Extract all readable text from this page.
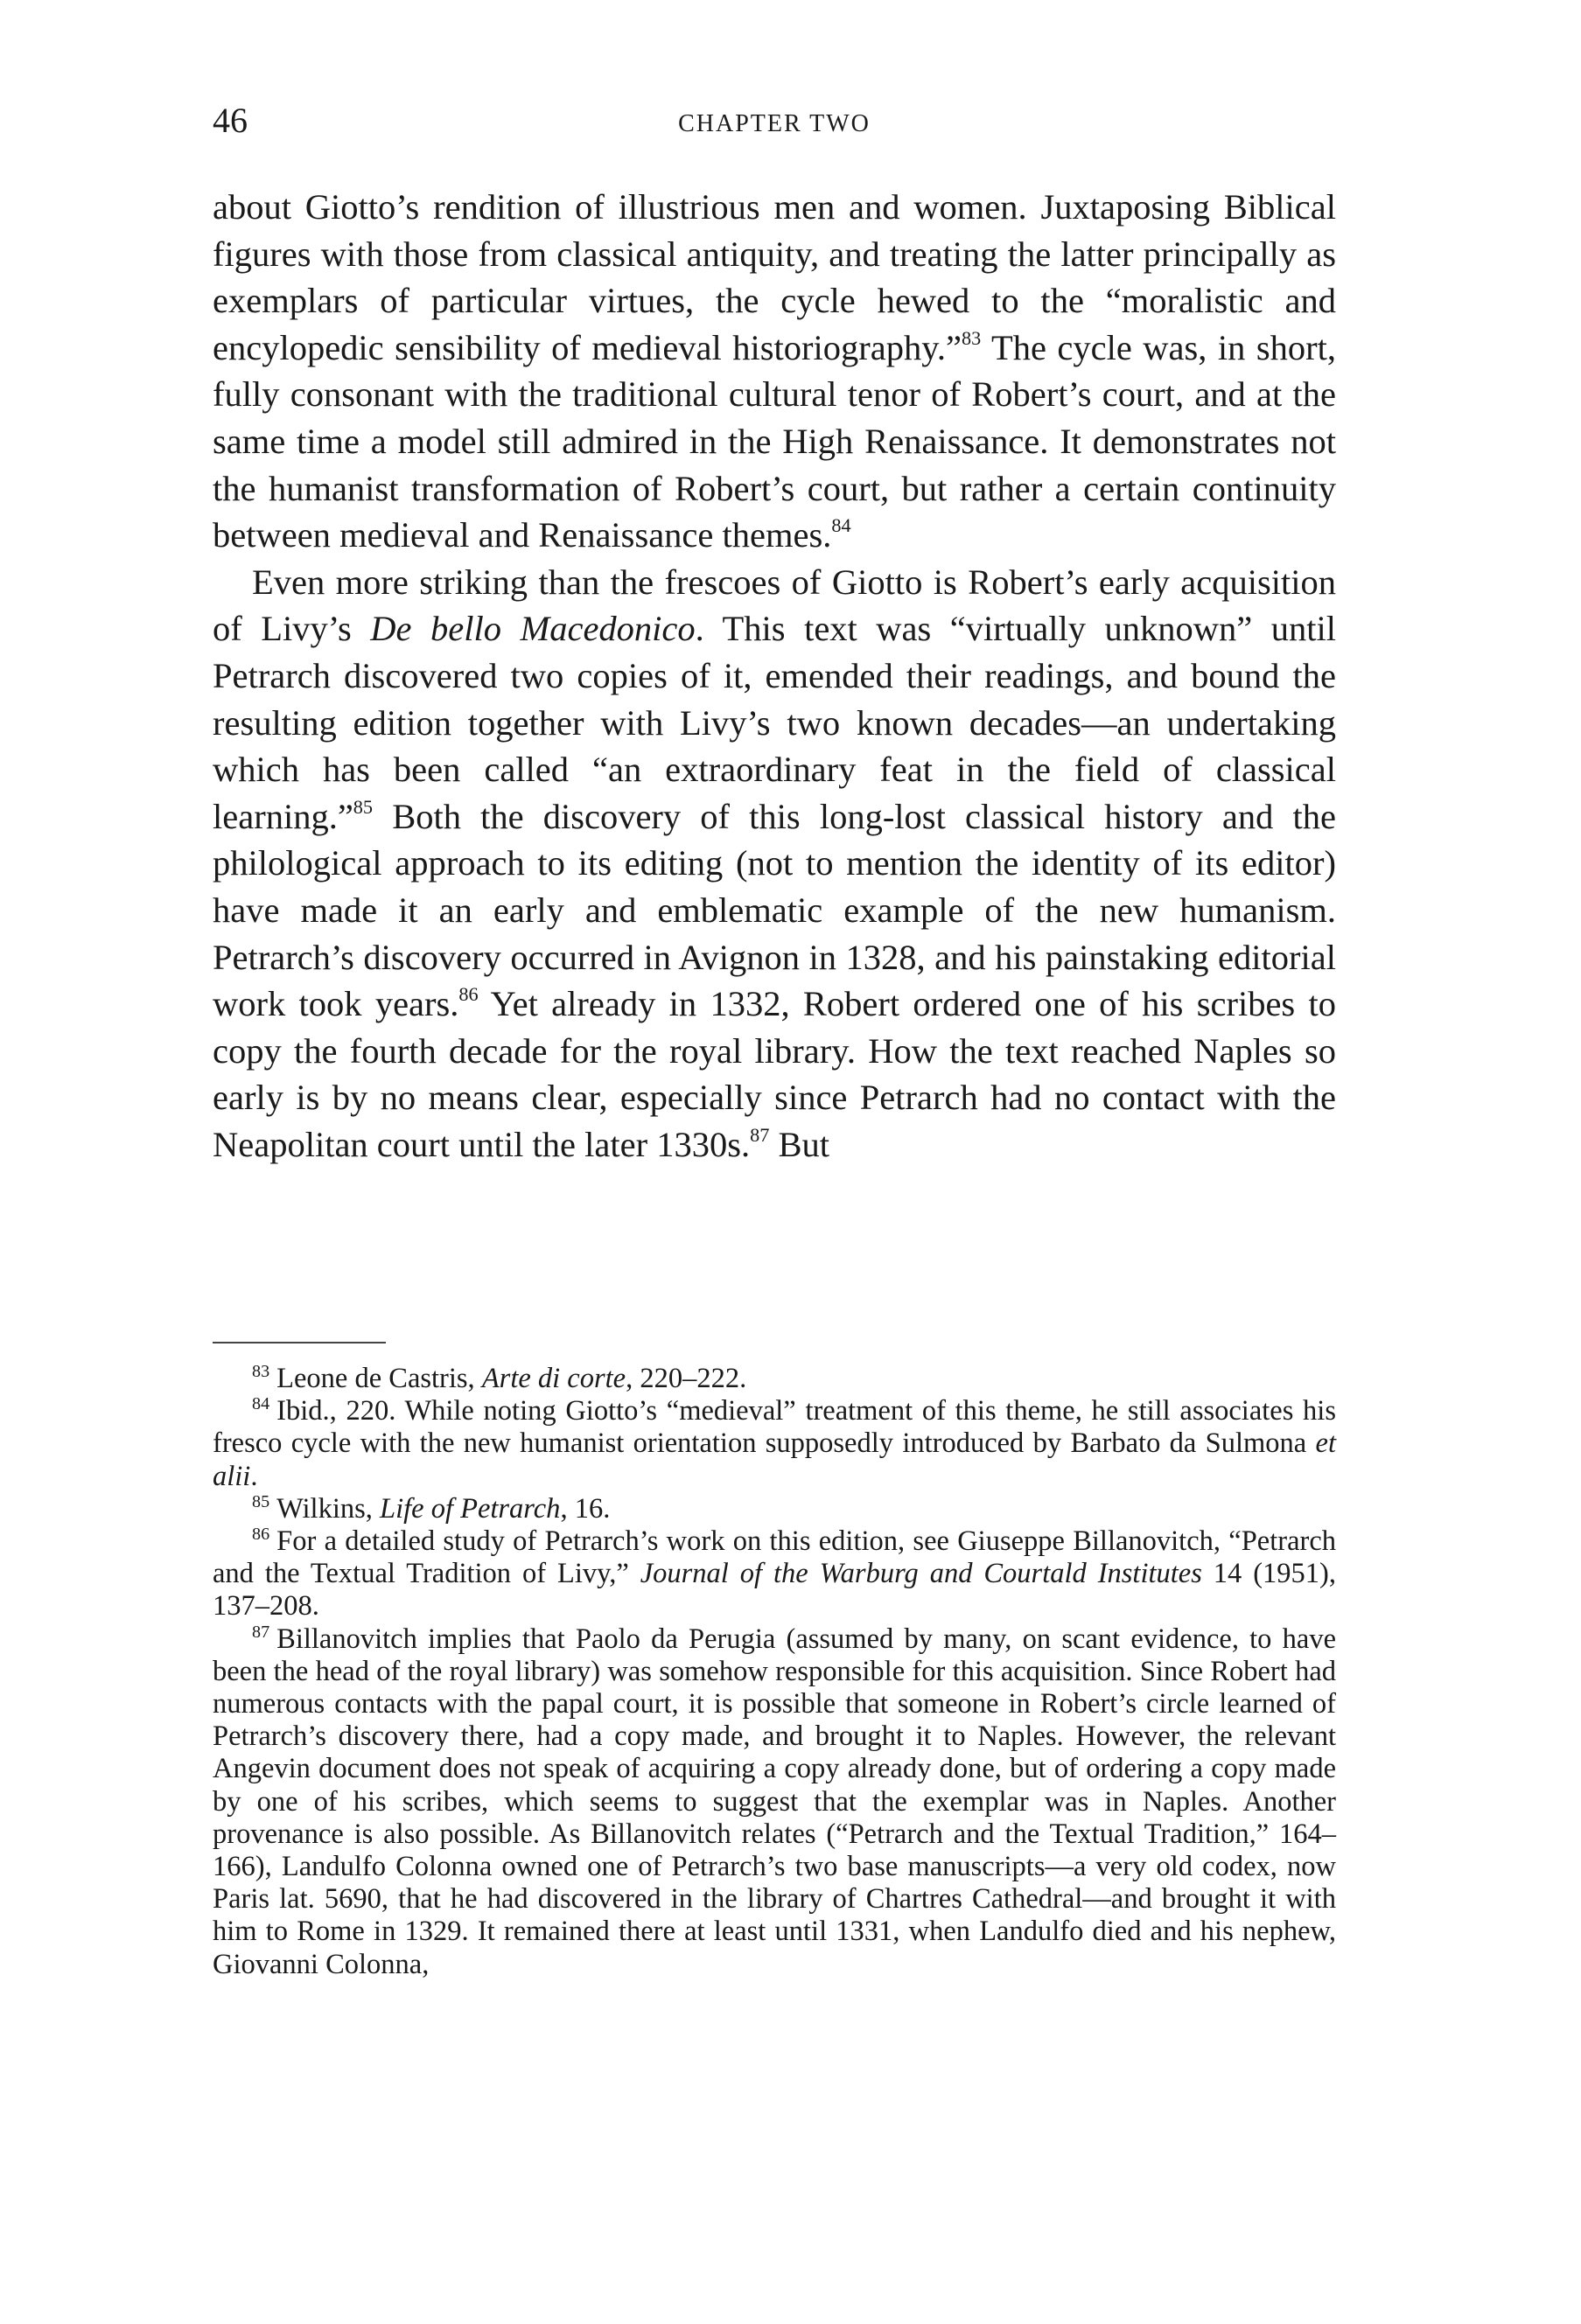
46	CHAPTER TWO

about Giotto’s rendition of illustrious men and women. Juxtaposing Biblical figures with those from classical antiquity, and treating the latter principally as exemplars of particular virtues, the cycle hewed to the “moralistic and encylopedic sensibility of medieval historiography.”$^{83}$ The cycle was, in short, fully consonant with the traditional cultural tenor of Robert’s court, and at the same time a model still admired in the High Renaissance. It demonstrates not the humanist transformation of Robert’s court, but rather a certain continuity between medieval and Renaissance themes.$^{84}$

Even more striking than the frescoes of Giotto is Robert’s early acquisition of Livy’s De bello Macedonico. This text was “virtually unknown” until Petrarch discovered two copies of it, emended their readings, and bound the resulting edition together with Livy’s two known decades—an undertaking which has been called “an extraordinary feat in the field of classical learning.”$^{85}$ Both the discovery of this long-lost classical history and the philological approach to its editing (not to mention the identity of its editor) have made it an early and emblematic example of the new humanism. Petrarch’s discovery occurred in Avignon in 1328, and his painstaking editorial work took years.$^{86}$ Yet already in 1332, Robert ordered one of his scribes to copy the fourth decade for the royal library. How the text reached Naples so early is by no means clear, especially since Petrarch had no contact with the Neapolitan court until the later 1330s.$^{87}$ But

$^{83}$ Leone de Castris, Arte di corte, 220–222.

$^{84}$ Ibid., 220. While noting Giotto’s “medieval” treatment of this theme, he still associates his fresco cycle with the new humanist orientation supposedly introduced by Barbato da Sulmona et alii.

$^{85}$ Wilkins, Life of Petrarch, 16.

$^{86}$ For a detailed study of Petrarch’s work on this edition, see Giuseppe Billanovitch, “Petrarch and the Textual Tradition of Livy,” Journal of the Warburg and Courtald Institutes 14 (1951), 137–208.

$^{87}$ Billanovitch implies that Paolo da Perugia (assumed by many, on scant evidence, to have been the head of the royal library) was somehow responsible for this acquisition. Since Robert had numerous contacts with the papal court, it is possible that someone in Robert’s circle learned of Petrarch’s discovery there, had a copy made, and brought it to Naples. However, the relevant Angevin document does not speak of acquiring a copy already done, but of ordering a copy made by one of his scribes, which seems to suggest that the exemplar was in Naples. Another provenance is also possible. As Billanovitch relates (“Petrarch and the Textual Tradition,” 164–166), Landulfo Colonna owned one of Petrarch’s two base manuscripts—a very old codex, now Paris lat. 5690, that he had discovered in the library of Chartres Cathedral—and brought it with him to Rome in 1329. It remained there at least until 1331, when Landulfo died and his nephew, Giovanni Colonna,
